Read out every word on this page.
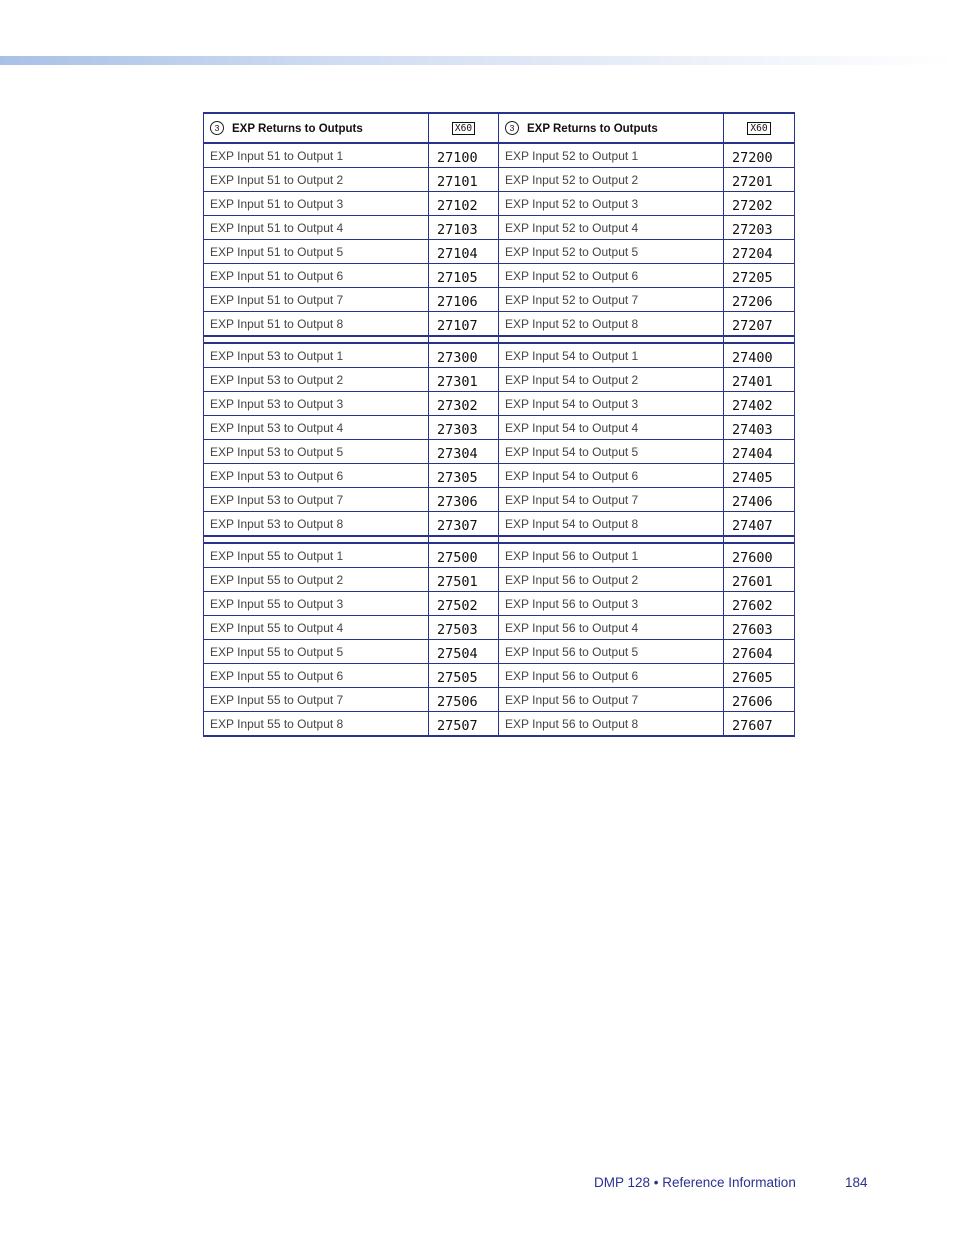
3 EXP Returns to Outputs	X60	3 EXP Returns to Outputs	X60
EXP Input 51 to Output 1	27100	EXP Input 52 to Output 1	27200
EXP Input 51 to Output 2	27101	EXP Input 52 to Output 2	27201
EXP Input 51 to Output 3	27102	EXP Input 52 to Output 3	27202
EXP Input 51 to Output 4	27103	EXP Input 52 to Output 4	27203
EXP Input 51 to Output 5	27104	EXP Input 52 to Output 5	27204
EXP Input 51 to Output 6	27105	EXP Input 52 to Output 6	27205
EXP Input 51 to Output 7	27106	EXP Input 52 to Output 7	27206
EXP Input 51 to Output 8	27107	EXP Input 52 to Output 8	27207

EXP Input 53 to Output 1	27300	EXP Input 54 to Output 1	27400
EXP Input 53 to Output 2	27301	EXP Input 54 to Output 2	27401
EXP Input 53 to Output 3	27302	EXP Input 54 to Output 3	27402
EXP Input 53 to Output 4	27303	EXP Input 54 to Output 4	27403
EXP Input 53 to Output 5	27304	EXP Input 54 to Output 5	27404
EXP Input 53 to Output 6	27305	EXP Input 54 to Output 6	27405
EXP Input 53 to Output 7	27306	EXP Input 54 to Output 7	27406
EXP Input 53 to Output 8	27307	EXP Input 54 to Output 8	27407

EXP Input 55 to Output 1	27500	EXP Input 56 to Output 1	27600
EXP Input 55 to Output 2	27501	EXP Input 56 to Output 2	27601
EXP Input 55 to Output 3	27502	EXP Input 56 to Output 3	27602
EXP Input 55 to Output 4	27503	EXP Input 56 to Output 4	27603
EXP Input 55 to Output 5	27504	EXP Input 56 to Output 5	27604
EXP Input 55 to Output 6	27505	EXP Input 56 to Output 6	27605
EXP Input 55 to Output 7	27506	EXP Input 56 to Output 7	27606
EXP Input 55 to Output 8	27507	EXP Input 56 to Output 8	27607
DMP 128 • Reference Information	184
